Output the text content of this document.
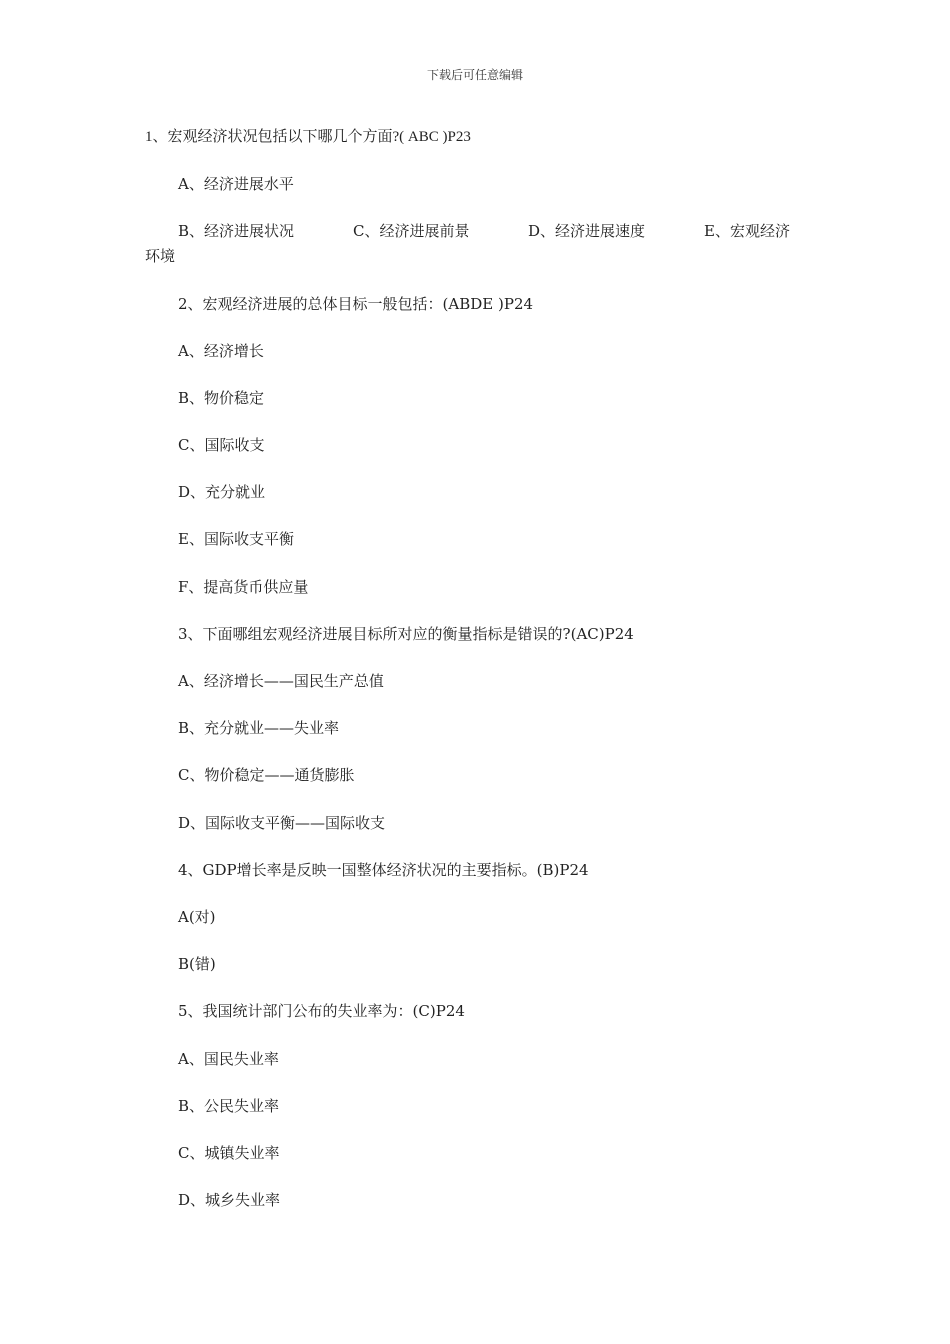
下载后可任意编辑
1、宏观经济状况包括以下哪几个方面?( ABC )P23
A、经济进展水平
B、经济进展状况	C、经济进展前景	D、经济进展速度	E、宏观经济
环境
2、宏观经济进展的总体目标一般包括：(ABDE )P24
A、经济增长
B、物价稳定
C、国际收支
D、充分就业
E、国际收支平衡
F、提高货币供应量
3、下面哪组宏观经济进展目标所对应的衡量指标是错误的?(AC)P24
A、经济增长——国民生产总值
B、充分就业——失业率
C、物价稳定——通货膨胀
D、国际收支平衡——国际收支
4、GDP增长率是反映一国整体经济状况的主要指标。(B)P24
A(对)
B(错)
5、我国统计部门公布的失业率为：(C)P24
A、国民失业率
B、公民失业率
C、城镇失业率
D、城乡失业率
